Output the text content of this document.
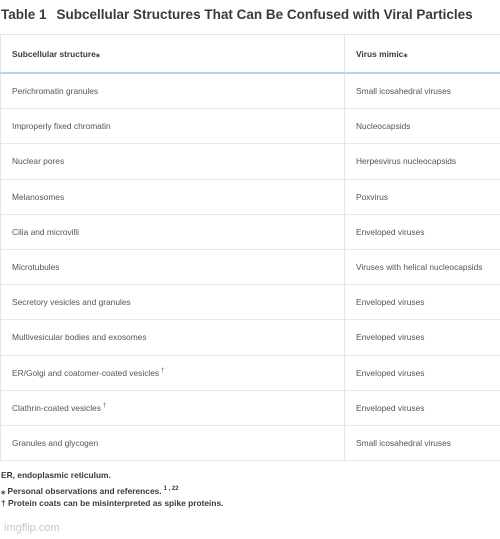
Table 1 Subcellular Structures That Can Be Confused with Viral Particles
Subcellular structure⁎	Virus mimic⁎
Perichromatin granules	Small icosahedral viruses
Improperly fixed chromatin	Nucleocapsids
Nuclear pores	Herpesvirus nucleocapsids
Melanosomes	Poxvirus
Cilia and microvilli	Enveloped viruses
Microtubules	Viruses with helical nucleocapsids
Secretory vesicles and granules	Enveloped viruses
Multivesicular bodies and exosomes	Enveloped viruses
ER/Golgi and coatomer-coated vesicles †	Enveloped viruses
Clathrin-coated vesicles †	Enveloped viruses
Granules and glycogen	Small icosahedral viruses
ER, endoplasmic reticulum.
⁎ Personal observations and references. $^{1 , 22}$
† Protein coats can be misinterpreted as spike proteins.
imgflip.com
